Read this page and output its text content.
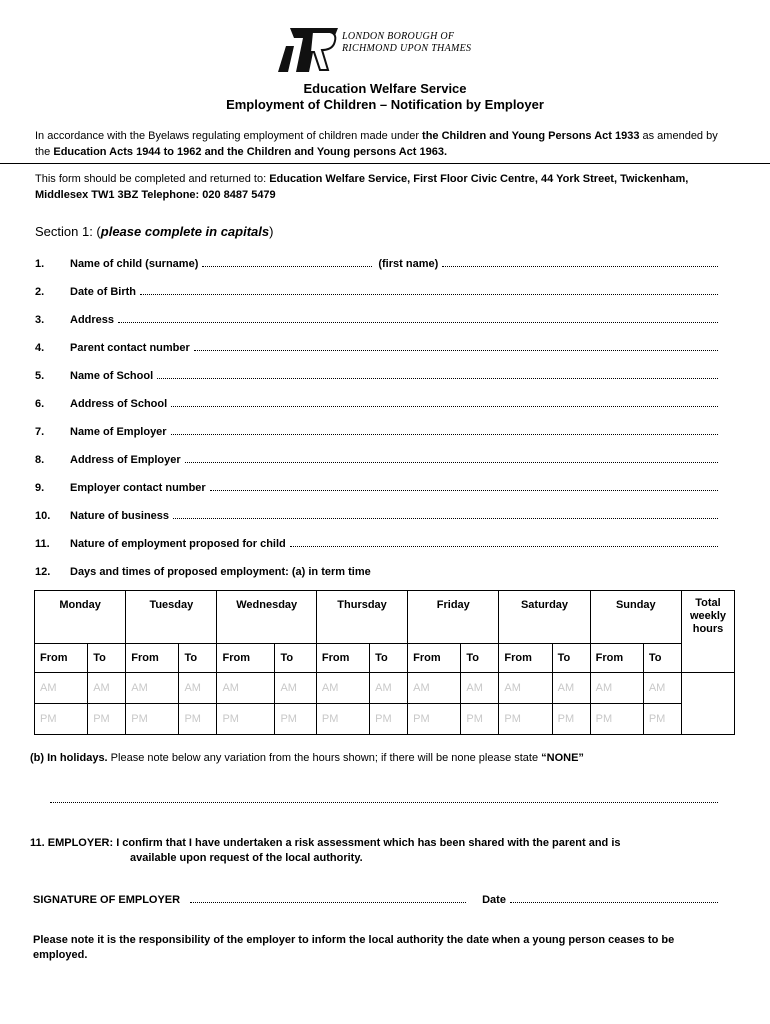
LONDON BOROUGH OF
RICHMOND UPON THAMES
Education Welfare Service
Employment of Children – Notification by Employer
In accordance with the Byelaws regulating employment of children made under the Children and Young Persons Act 1933 as amended by the Education Acts 1944 to 1962 and the Children and Young persons Act 1963.
This form should be completed and returned to: Education Welfare Service, First Floor Civic Centre, 44 York Street, Twickenham, Middlesex TW1 3BZ Telephone: 020 8487 5479
Section 1: (please complete in capitals)
1.	Name of child (surname)	(first name)
2.	Date of Birth
3.	Address
4.	Parent contact number
5.	Name of School
6.	Address of School
7.	Name of Employer
8.	Address of Employer
9.	Employer contact number
10.	Nature of business
11.	Nature of employment proposed for child
12.	Days and times of proposed employment: (a) in term time
Monday		Tuesday		Wednesday		Thursday		Friday		Saturday		Sunday		Total weekly hours
From	To	From	To	From	To	From	To	From	To	From	To	From	To	
AM	AM	AM	AM	AM	AM	AM	AM	AM	AM	AM	AM	AM	AM	
PM	PM	PM	PM	PM	PM	PM	PM	PM	PM	PM	PM	PM	PM	
(b) In holidays. Please note below any variation from the hours shown; if there will be none please state “NONE”
11. EMPLOYER: I confirm that I have undertaken a risk assessment which has been shared with the parent and is
available upon request of the local authority.
SIGNATURE OF EMPLOYER	Date
Please note it is the responsibility of the employer to inform the local authority the date when a young person ceases to be employed.
